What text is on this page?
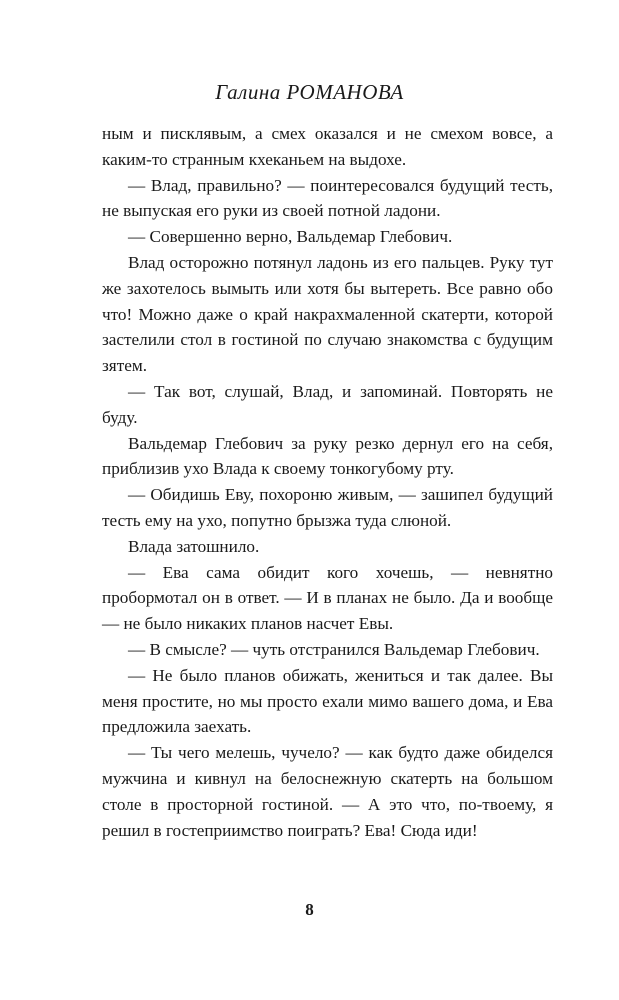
Галина РОМАНОВА

ным и писклявым, а смех оказался и не смехом вовсе, а каким-то странным кхеканьем на выдохе.

— Влад, правильно? — поинтересовался будущий тесть, не выпуская его руки из своей потной ладони.

— Совершенно верно, Вальдемар Глебович.

Влад осторожно потянул ладонь из его пальцев. Руку тут же захотелось вымыть или хотя бы вытереть. Все равно обо что! Можно даже о край накрахмаленной скатерти, которой застелили стол в гостиной по случаю знакомства с будущим зятем.

— Так вот, слушай, Влад, и запоминай. Повторять не буду.

Вальдемар Глебович за руку резко дернул его на себя, приблизив ухо Влада к своему тонкогубому рту.

— Обидишь Еву, похороню живым, — зашипел будущий тесть ему на ухо, попутно брызжа туда слюной.

Влада затошнило.

— Ева сама обидит кого хочешь, — невнятно пробормотал он в ответ. — И в планах не было. Да и вообще — не было никаких планов насчет Евы.

— В смысле? — чуть отстранился Вальдемар Глебович.

— Не было планов обижать, жениться и так далее. Вы меня простите, но мы просто ехали мимо вашего дома, и Ева предложила заехать.

— Ты чего мелешь, чучело? — как будто даже обиделся мужчина и кивнул на белоснежную скатерть на большом столе в просторной гостиной. — А это что, по-твоему, я решил в гостеприимство поиграть? Ева! Сюда иди!

8
